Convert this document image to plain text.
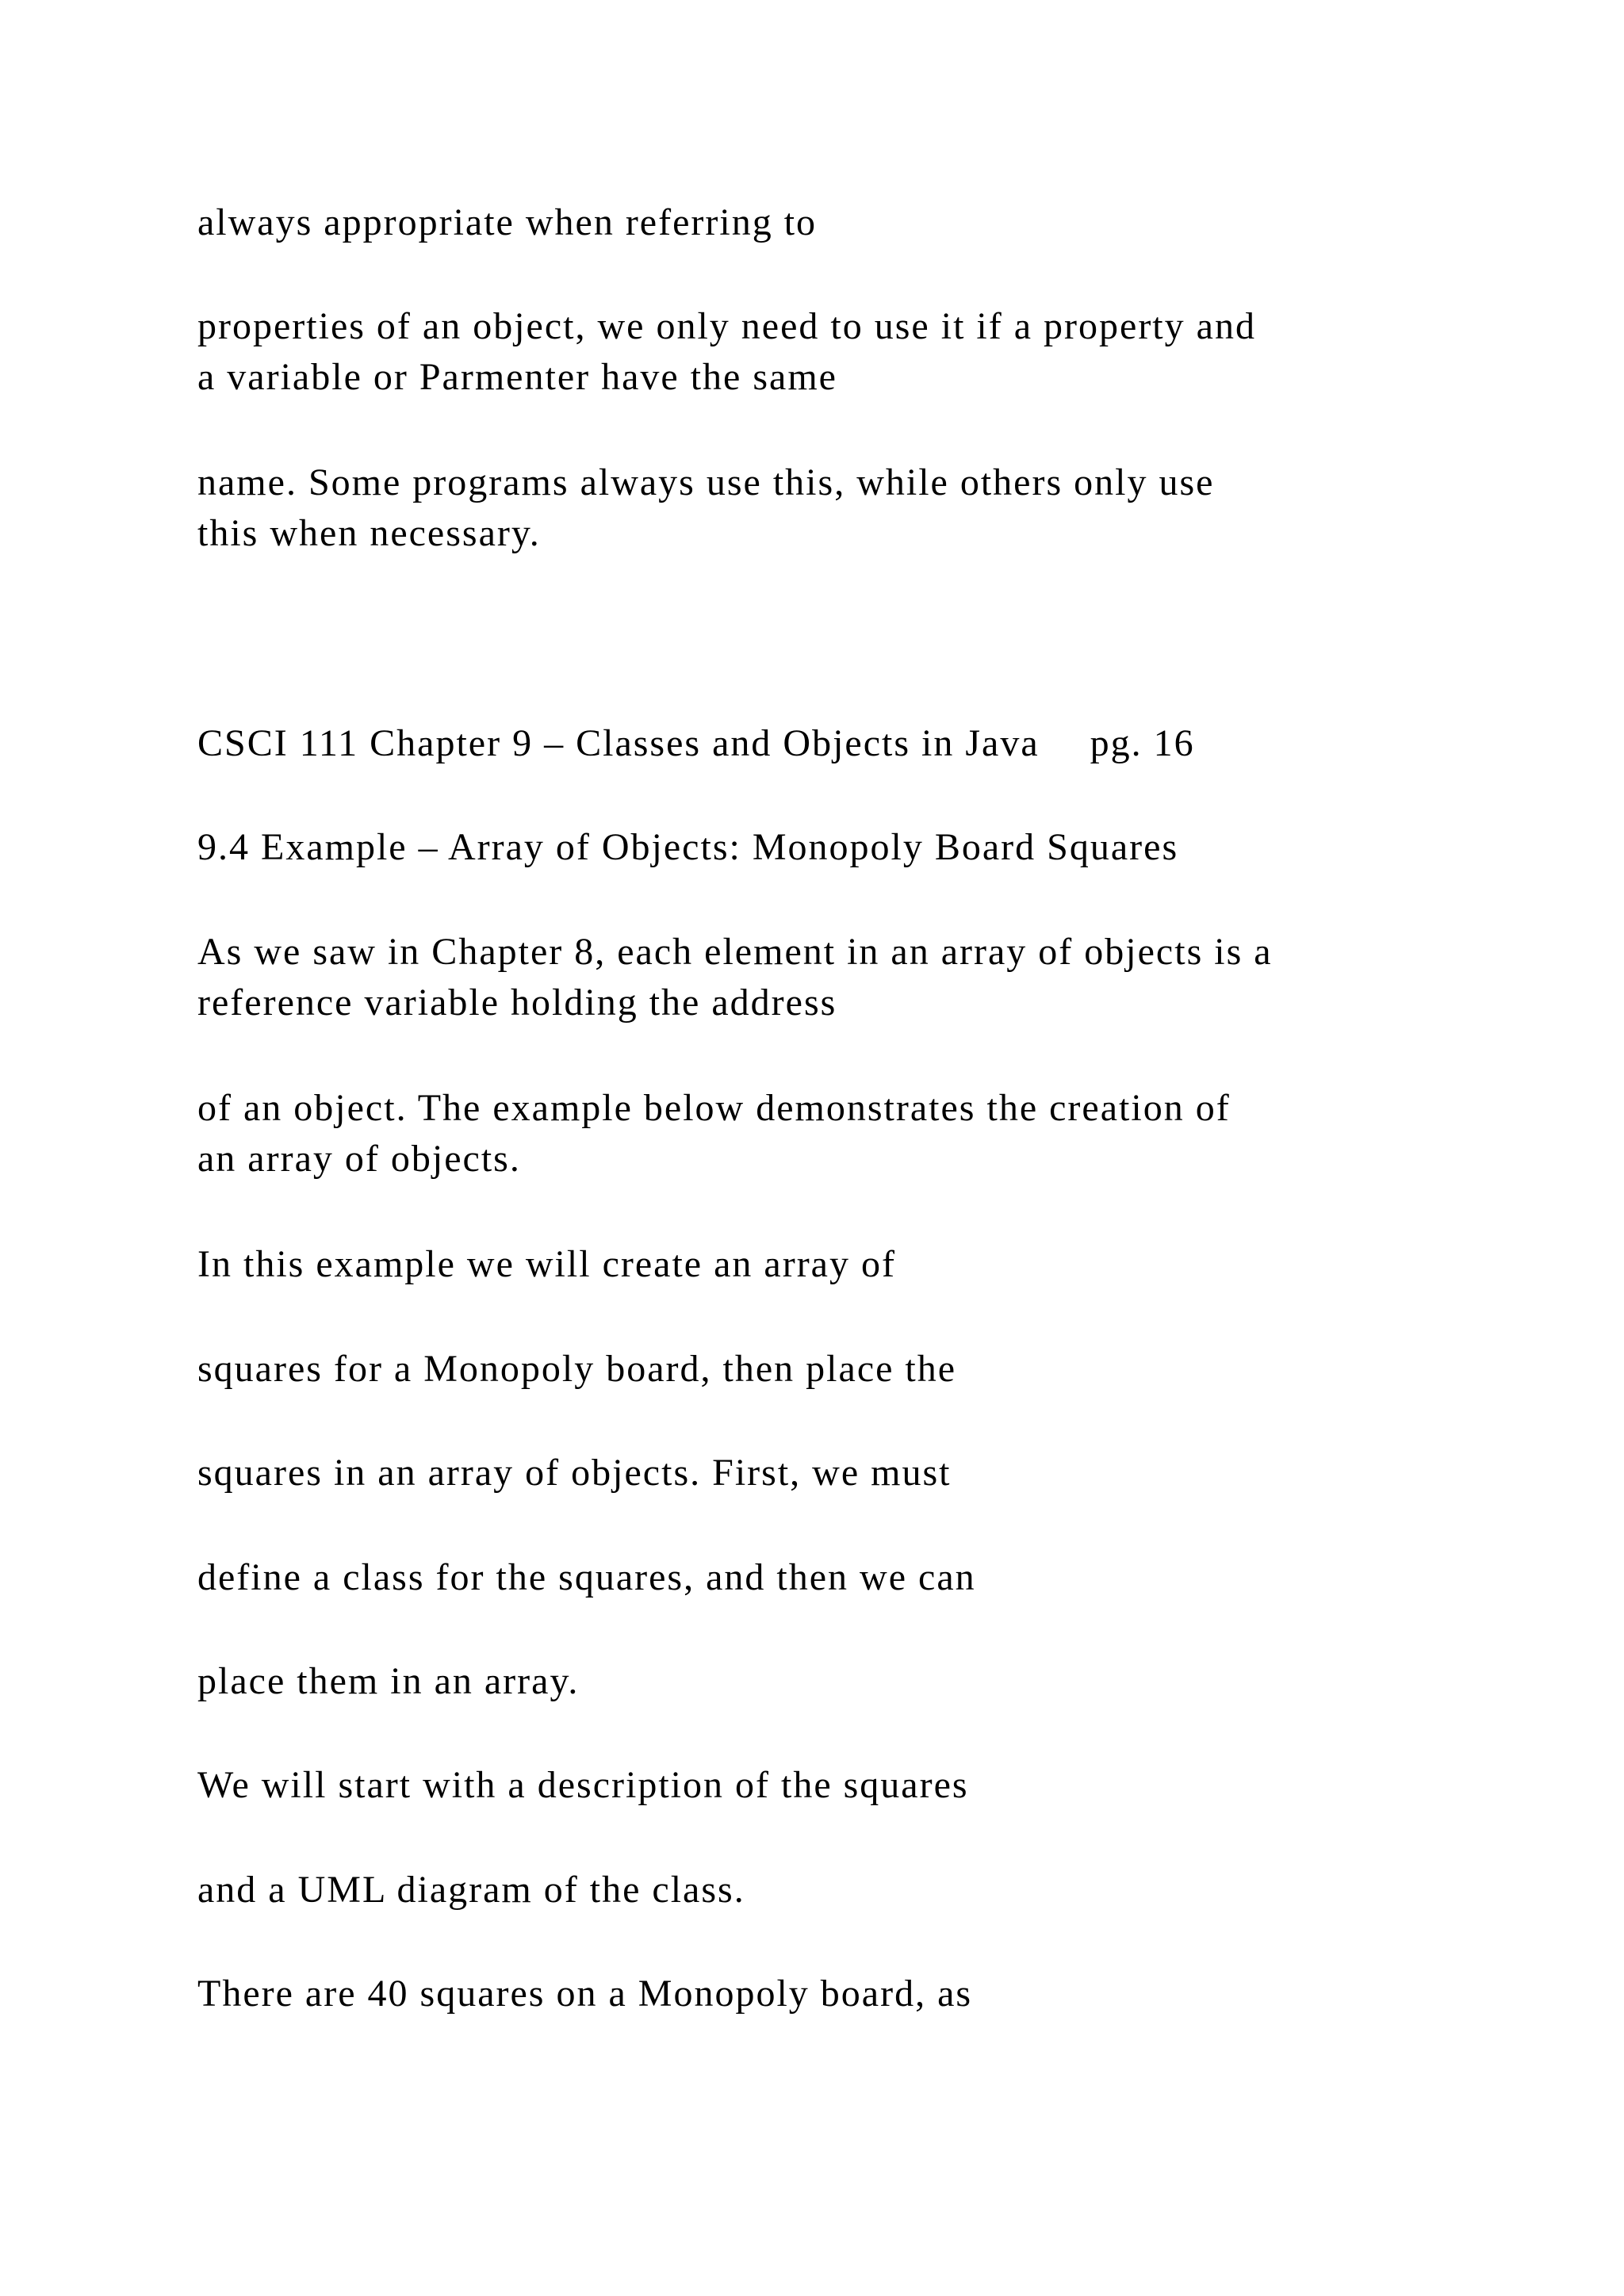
always appropriate when referring to

properties of an object, we only need to use it if a property and
a variable or Parmenter have the same

name. Some programs always use this, while others only use
this when necessary.

CSCI 111 Chapter 9 – Classes and Objects in Java pg. 16

9.4 Example – Array of Objects: Monopoly Board Squares

As we saw in Chapter 8, each element in an array of objects is a
reference variable holding the address

of an object. The example below demonstrates the creation of
an array of objects.

In this example we will create an array of

squares for a Monopoly board, then place the

squares in an array of objects. First, we must

define a class for the squares, and then we can

place them in an array.

We will start with a description of the squares

and a UML diagram of the class.

There are 40 squares on a Monopoly board, as
